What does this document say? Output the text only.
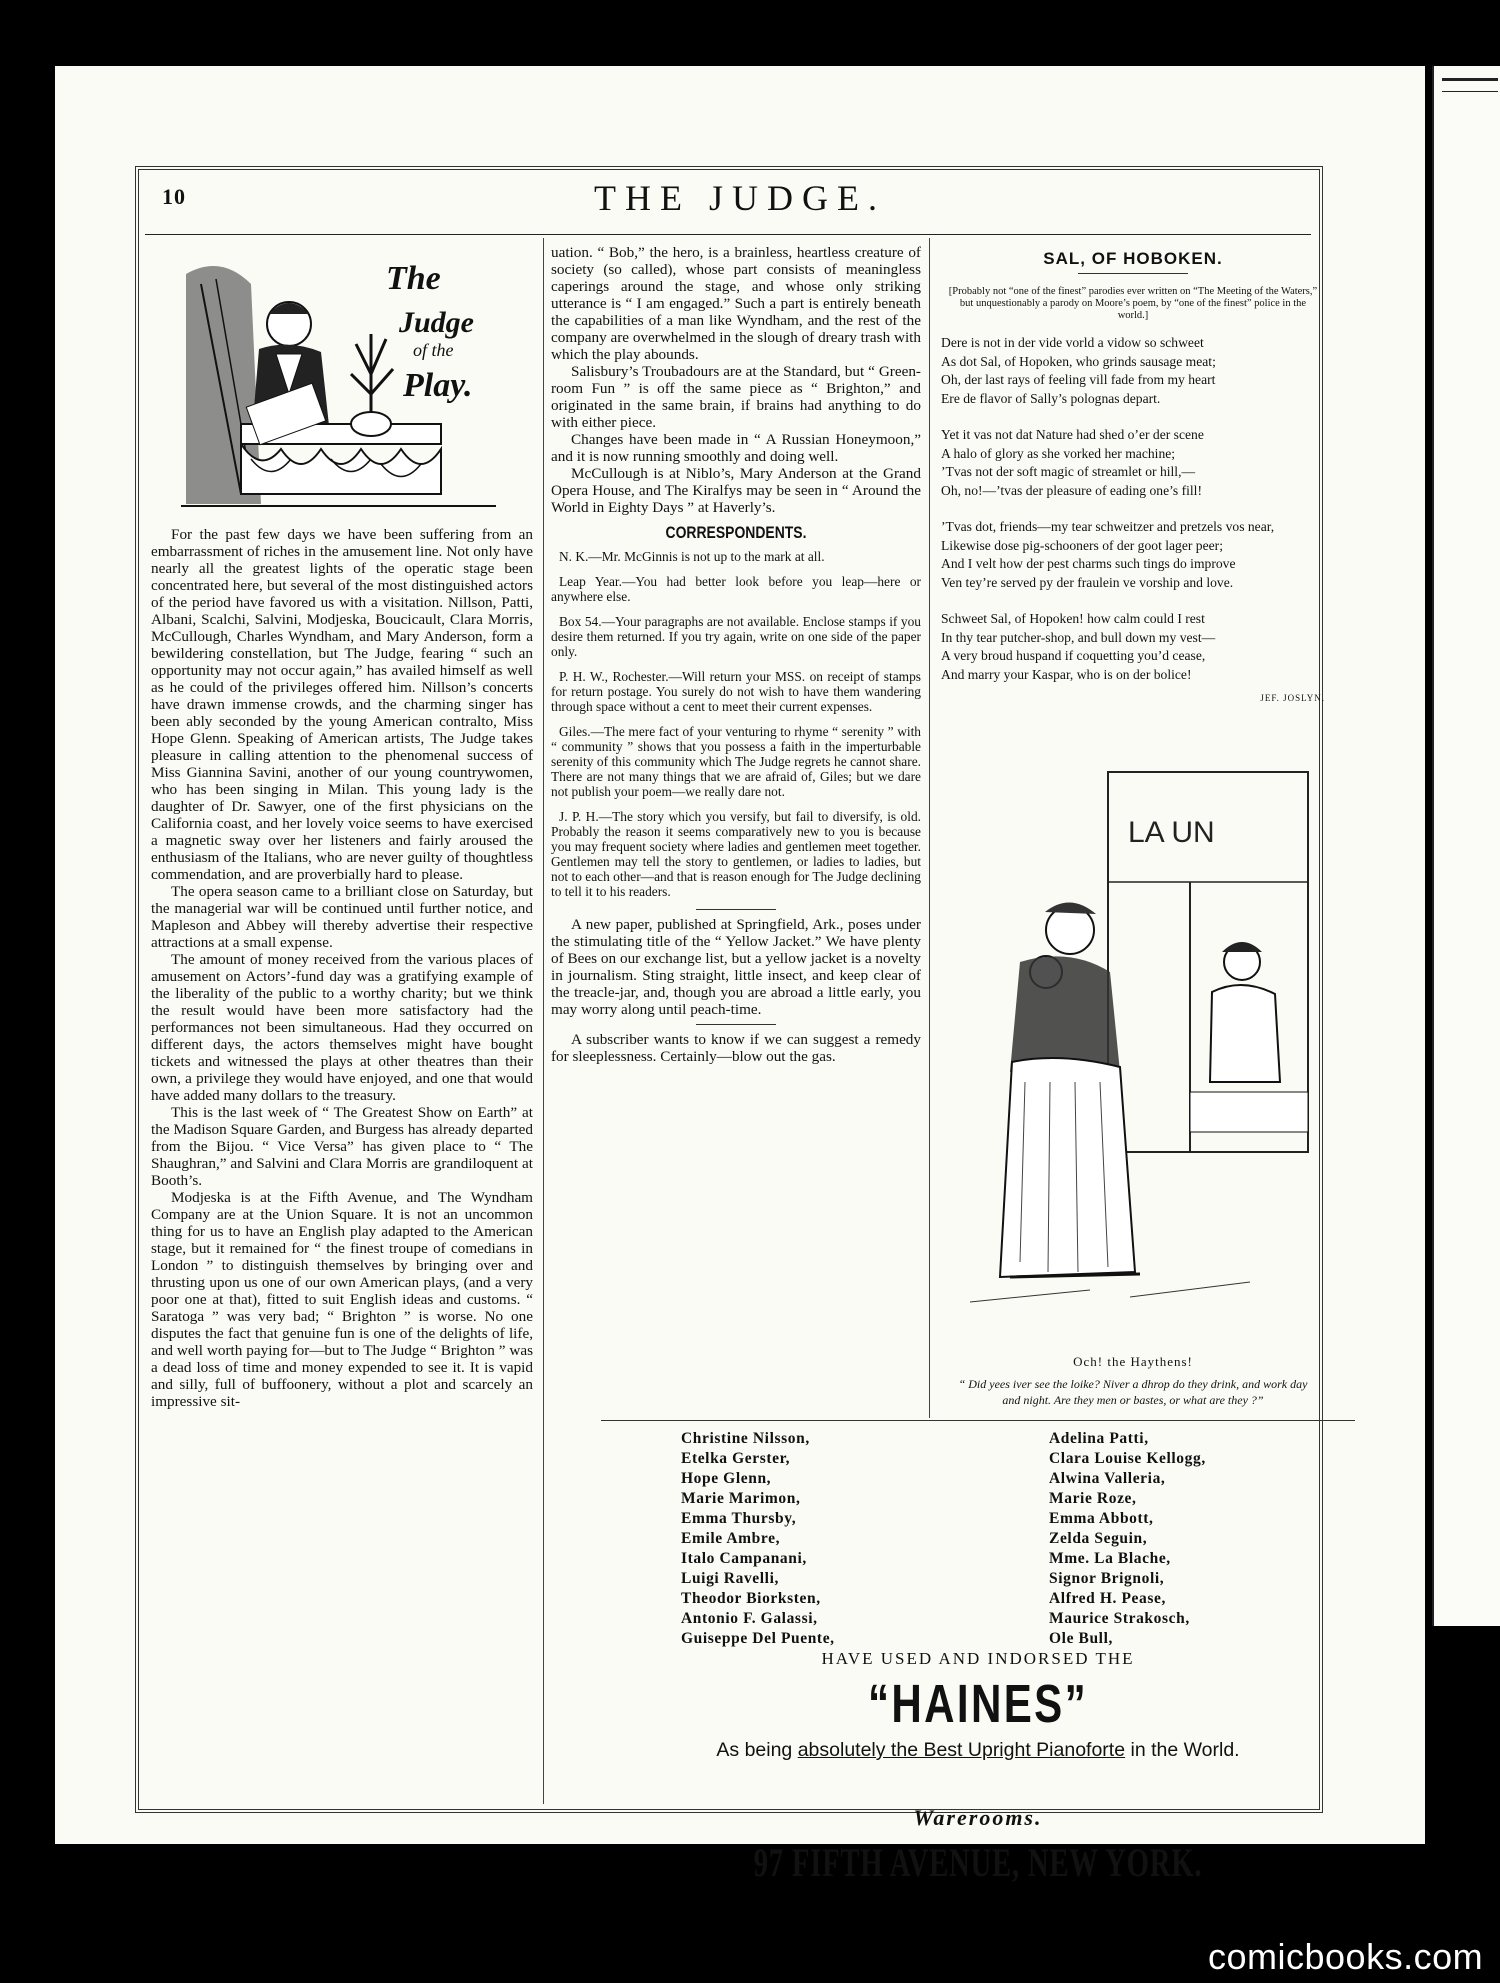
10	THE JUDGE.
The
Judge
of the
Play.

For the past few days we have been suffering from an embarrassment of riches in the amusement line. Not only have nearly all the greatest lights of the operatic stage been concentrated here, but several of the most distinguished actors of the period have favored us with a visitation. Nillson, Patti, Albani, Scalchi, Salvini, Modjeska, Boucicault, Clara Morris, McCullough, Charles Wyndham, and Mary Anderson, form a bewildering constellation, but The Judge, fearing “ such an opportunity may not occur again,” has availed himself as well as he could of the privileges offered him. Nillson’s concerts have drawn immense crowds, and the charming singer has been ably seconded by the young American contralto, Miss Hope Glenn. Speaking of American artists, The Judge takes pleasure in calling attention to the phenomenal success of Miss Giannina Savini, another of our young countrywomen, who has been singing in Milan. This young lady is the daughter of Dr. Sawyer, one of the first physicians on the California coast, and her lovely voice seems to have exercised a magnetic sway over her listeners and fairly aroused the enthusiasm of the Italians, who are never guilty of thoughtless commendation, and are proverbially hard to please.

The opera season came to a brilliant close on Saturday, but the managerial war will be continued until further notice, and Mapleson and Abbey will thereby advertise their respective attractions at a small expense.

The amount of money received from the various places of amusement on Actors’-fund day was a gratifying example of the liberality of the public to a worthy charity; but we think the result would have been more satisfactory had the performances not been simultaneous. Had they occurred on different days, the actors themselves might have bought tickets and witnessed the plays at other theatres than their own, a privilege they would have enjoyed, and one that would have added many dollars to the treasury.

This is the last week of “ The Greatest Show on Earth” at the Madison Square Garden, and Burgess has already departed from the Bijou. “ Vice Versa” has given place to “ The Shaughran,” and Salvini and Clara Morris are grandiloquent at Booth’s.

Modjeska is at the Fifth Avenue, and The Wyndham Company are at the Union Square. It is not an uncommon thing for us to have an English play adapted to the American stage, but it remained for “ the finest troupe of comedians in London ” to distinguish themselves by bringing over and thrusting upon us one of our own American plays, (and a very poor one at that), fitted to suit English ideas and customs. “ Saratoga ” was very bad; “ Brighton ” is worse. No one disputes the fact that genuine fun is one of the delights of life, and well worth paying for—but to The Judge “ Brighton ” was a dead loss of time and money expended to see it. It is vapid and silly, full of buffoonery, without a plot and scarcely an impressive sit-

uation. “ Bob,” the hero, is a brainless, heartless creature of society (so called), whose part consists of meaningless caperings around the stage, and whose only striking utterance is “ I am engaged.” Such a part is entirely beneath the capabilities of a man like Wyndham, and the rest of the company are overwhelmed in the slough of dreary trash with which the play abounds.

Salisbury’s Troubadours are at the Standard, but “ Green-room Fun ” is off the same piece as “ Brighton,” and originated in the same brain, if brains had anything to do with either piece.

Changes have been made in “ A Russian Honeymoon,” and it is now running smoothly and doing well.

McCullough is at Niblo’s, Mary Anderson at the Grand Opera House, and The Kiralfys may be seen in “ Around the World in Eighty Days ” at Haverly’s.

CORRESPONDENTS.

N. K.—Mr. McGinnis is not up to the mark at all.

Leap Year.—You had better look before you leap—here or anywhere else.

Box 54.—Your paragraphs are not available. Enclose stamps if you desire them returned. If you try again, write on one side of the paper only.

P. H. W., Rochester.—Will return your MSS. on receipt of stamps for return postage. You surely do not wish to have them wandering through space without a cent to meet their current expenses.

Giles.—The mere fact of your venturing to rhyme “ serenity ” with “ community ” shows that you possess a faith in the imperturbable serenity of this community which The Judge regrets he cannot share. There are not many things that we are afraid of, Giles; but we dare not publish your poem—we really dare not.

J. P. H.—The story which you versify, but fail to diversify, is old. Probably the reason it seems comparatively new to you is because you may frequent society where ladies and gentlemen meet together. Gentlemen may tell the story to gentlemen, or ladies to ladies, but not to each other—and that is reason enough for The Judge declining to tell it to his readers.

A new paper, published at Springfield, Ark., poses under the stimulating title of the “ Yellow Jacket.” We have plenty of Bees on our exchange list, but a yellow jacket is a novelty in journalism. Sting straight, little insect, and keep clear of the treacle-jar, and, though you are abroad a little early, you may worry along until peach-time.

A subscriber wants to know if we can suggest a remedy for sleeplessness. Certainly—blow out the gas.

SAL, OF HOBOKEN.
[Probably not “one of the finest” parodies ever written on “The Meeting of the Waters,” but unquestionably a parody on Moore’s poem, by “one of the finest” police in the world.]
Dere is not in der vide vorld a vidow so schweet
As dot Sal, of Hopoken, who grinds sausage meat;
Oh, der last rays of feeling vill fade from my heart
Ere de flavor of Sally’s polognas depart.
Yet it vas not dat Nature had shed o’er der scene
A halo of glory as she vorked her machine;
’Tvas not der soft magic of streamlet or hill,—
Oh, no!—’tvas der pleasure of eading one’s fill!
’Tvas dot, friends—my tear schweitzer and pretzels vos near,
Likewise dose pig-schooners of der goot lager peer;
And I velt how der pest charms such tings do improve
Ven tey’re served py der fraulein ve vorship and love.
Schweet Sal, of Hopoken! how calm could I rest
In thy tear putcher-shop, and bull down my vest—
A very broud huspand if coquetting you’d cease,
And marry your Kaspar, who is on der bolice!
JEF. JOSLYN.
LA UN
Och! the Haythens!
“ Did yees iver see the loike? Niver a dhrop do they drink, and work day and night. Are they men or bastes, or what are they ?”
Christine Nilsson,
Etelka Gerster,
Hope Glenn,
Marie Marimon,
Emma Thursby,
Emile Ambre,
Italo Campanani,
Luigi Ravelli,
Theodor Biorksten,
Antonio F. Galassi,
Guiseppe Del Puente,
Adelina Patti,
Clara Louise Kellogg,
Alwina Valleria,
Marie Roze,
Emma Abbott,
Zelda Seguin,
Mme. La Blache,
Signor Brignoli,
Alfred H. Pease,
Maurice Strakosch,
Ole Bull,
HAVE USED AND INDORSED THE
“HAINES”
As being absolutely the Best Upright Pianoforte in the World.
Warerooms.
97 FIFTH AVENUE, NEW YORK.
comicbooks.com
